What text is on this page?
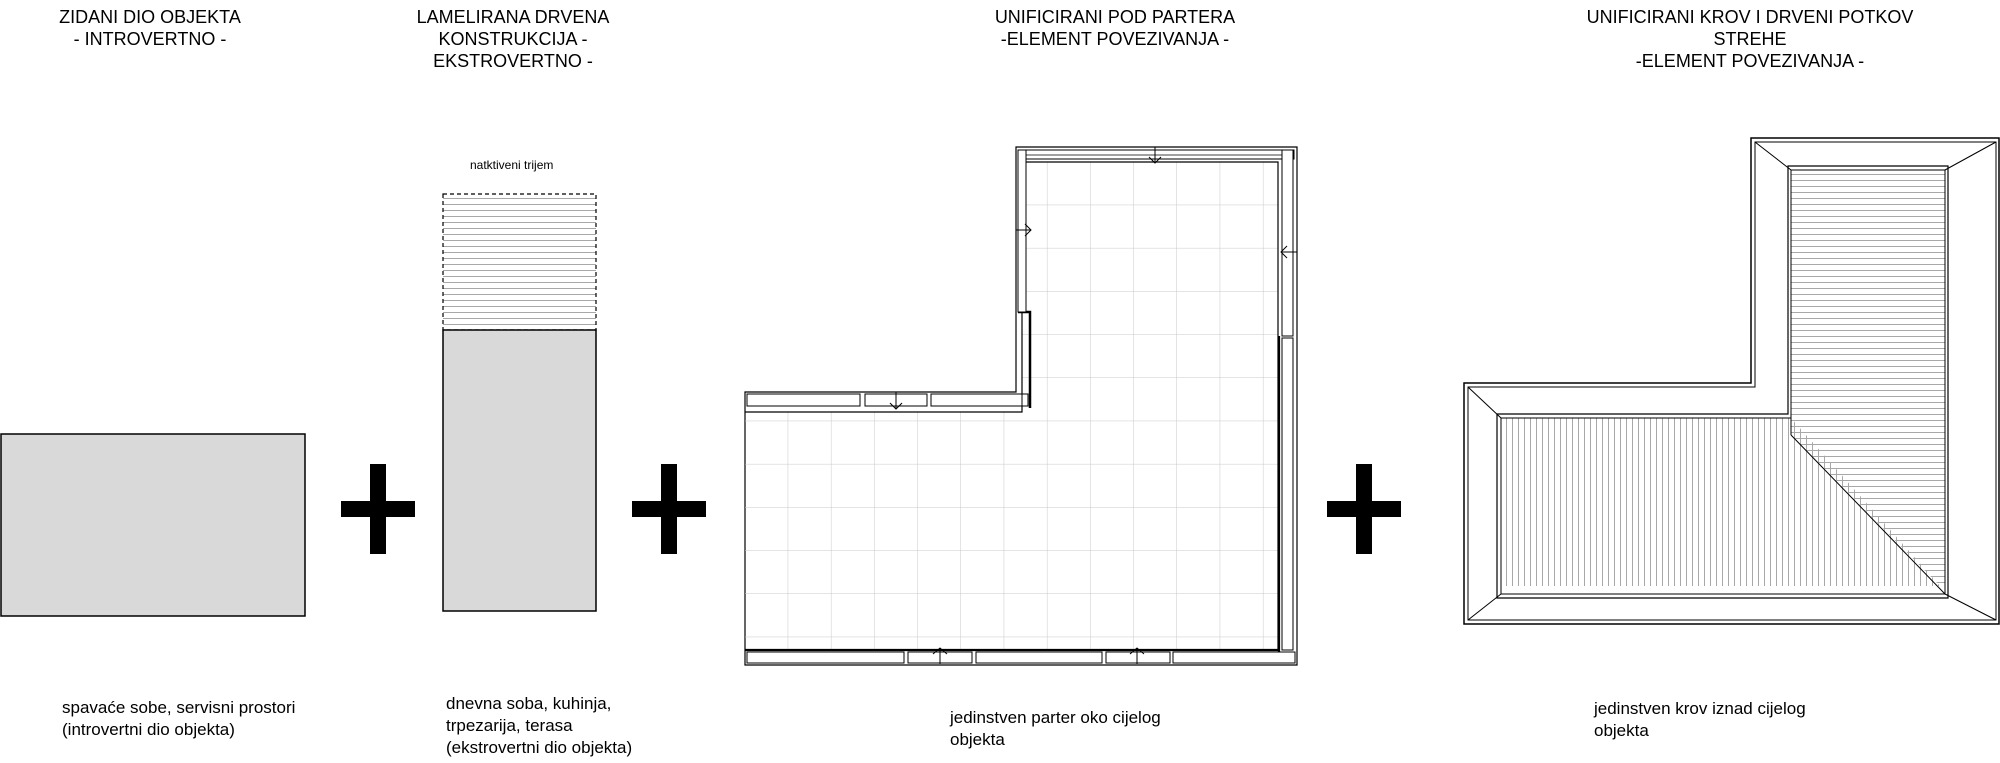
ZIDANI DIO OBJEKTA
- INTROVERTNO -
LAMELIRANA DRVENA
KONSTRUKCIJA -
EKSTROVERTNO -
UNIFICIRANI POD PARTERA
-ELEMENT POVEZIVANJA -
UNIFICIRANI KROV I DRVENI POTKOV
STREHE
-ELEMENT POVEZIVANJA -
natktiveni trijem
spavaće sobe, servisni prostori
(introvertni dio objekta)
dnevna soba, kuhinja,
trpezarija, terasa
(ekstrovertni dio objekta)
jedinstven parter oko cijelog
objekta
jedinstven krov iznad cijelog
objekta
